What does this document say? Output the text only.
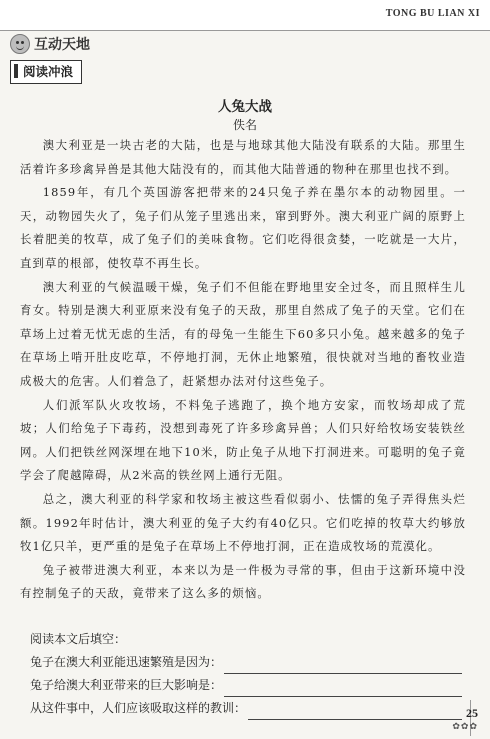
TONG BU LIAN XI
互动天地
阅读冲浪
人兔大战
佚名

澳大利亚是一块古老的大陆，也是与地球其他大陆没有联系的大陆。那里生活着许多珍禽异兽是其他大陆没有的，而其他大陆普通的物种在那里也找不到。

1859年，有几个英国游客把带来的24只兔子养在墨尔本的动物园里。一天，动物园失火了，兔子们从笼子里逃出来，窜到野外。澳大利亚广阔的原野上长着肥美的牧草，成了兔子们的美味食物。它们吃得很贪婪，一吃就是一大片，直到草的根部，使牧草不再生长。

澳大利亚的气候温暖干燥，兔子们不但能在野地里安全过冬，而且照样生儿育女。特别是澳大利亚原来没有兔子的天敌，那里自然成了兔子的天堂。它们在草场上过着无忧无虑的生活，有的母兔一生能生下60多只小兔。越来越多的兔子在草场上啃开肚皮吃草，不停地打洞，无休止地繁殖，很快就对当地的畜牧业造成极大的危害。人们着急了，赶紧想办法对付这些兔子。

人们派军队火攻牧场，不料兔子逃跑了，换个地方安家，而牧场却成了荒坡；人们给兔子下毒药，没想到毒死了许多珍禽异兽；人们只好给牧场安装铁丝网。人们把铁丝网深埋在地下10米，防止兔子从地下打洞进来。可聪明的兔子竟学会了爬越障碍，从2米高的铁丝网上通行无阻。

总之，澳大利亚的科学家和牧场主被这些看似弱小、怯懦的兔子弄得焦头烂额。1992年时估计，澳大利亚的兔子大约有40亿只。它们吃掉的牧草大约够放牧1亿只羊，更严重的是兔子在草场上不停地打洞，正在造成牧场的荒漠化。

兔子被带进澳大利亚，本来以为是一件极为寻常的事，但由于这新环境中没有控制兔子的天敌，竟带来了这么多的烦恼。

阅读本文后填空：
兔子在澳大利亚能迅速繁殖是因为：
兔子给澳大利亚带来的巨大影响是：
从这件事中，人们应该吸取这样的教训：	25
✿✿✿
